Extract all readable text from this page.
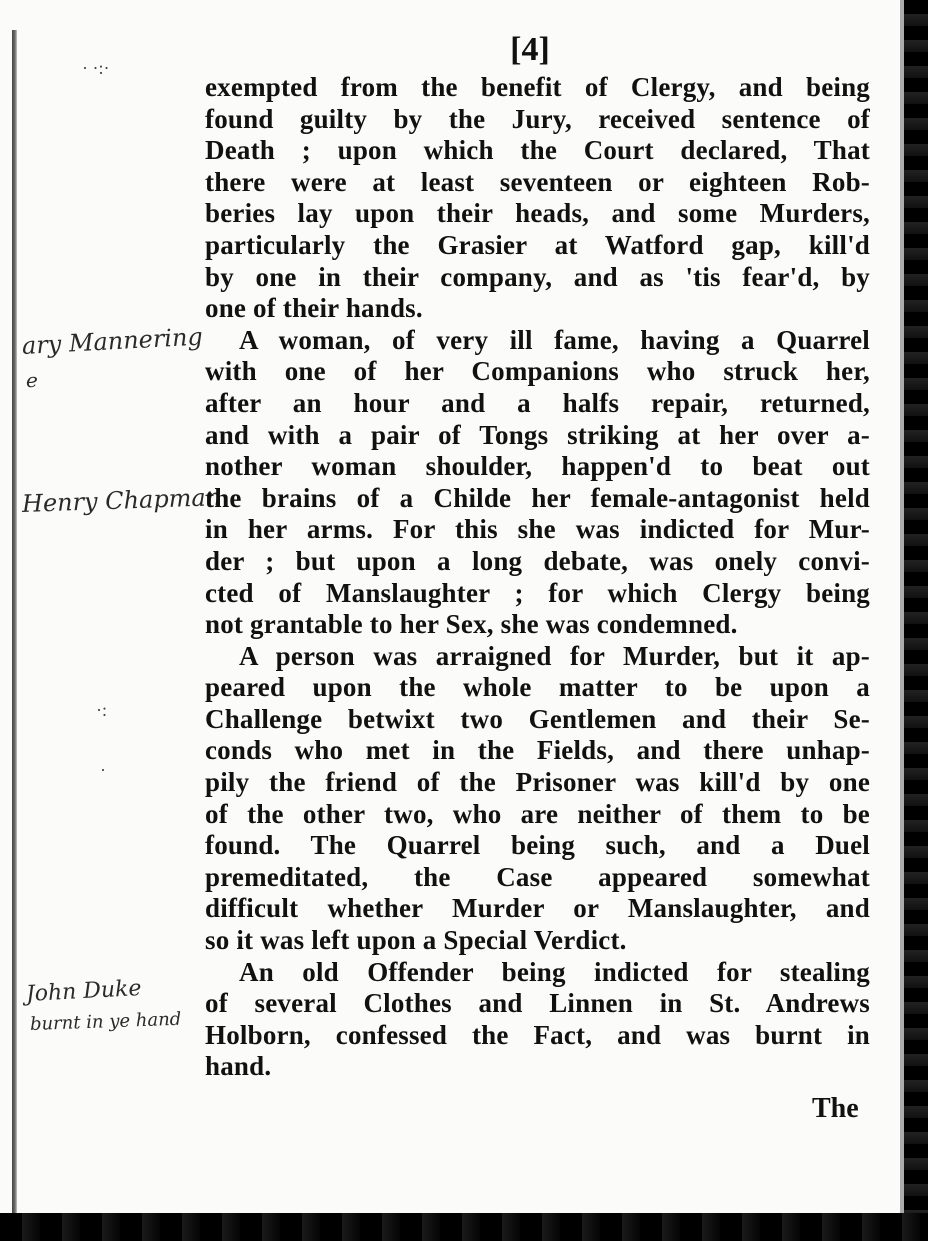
[4]
· ·:·
·:
·
ary Mannering
e
Henry Chapman
John Duke
burnt in ye hand
exempted from the benefit of Clergy, and being
found guilty by the Jury, received sentence of
Death ; upon which the Court declared, That
there were at least seventeen or eighteen Rob-
beries lay upon their heads, and some Murders,
particularly the Grasier at Watford gap, kill'd
by one in their company, and as 'tis fear'd, by
one of their hands.
A woman, of very ill fame, having a Quarrel
with one of her Companions who struck her,
after an hour and a halfs repair, returned,
and with a pair of Tongs striking at her over a-
nother woman shoulder, happen'd to beat out
the brains of a Childe her female-antagonist held
in her arms. For this she was indicted for Mur-
der ; but upon a long debate, was onely convi-
cted of Manslaughter ; for which Clergy being
not grantable to her Sex, she was condemned.
A person was arraigned for Murder, but it ap-
peared upon the whole matter to be upon a
Challenge betwixt two Gentlemen and their Se-
conds who met in the Fields, and there unhap-
pily the friend of the Prisoner was kill'd by one
of the other two, who are neither of them to be
found. The Quarrel being such, and a Duel
premeditated, the Case appeared somewhat
difficult whether Murder or Manslaughter, and
so it was left upon a Special Verdict.
An old Offender being indicted for stealing
of several Clothes and Linnen in St. Andrews
Holborn, confessed the Fact, and was burnt in
hand.
The
